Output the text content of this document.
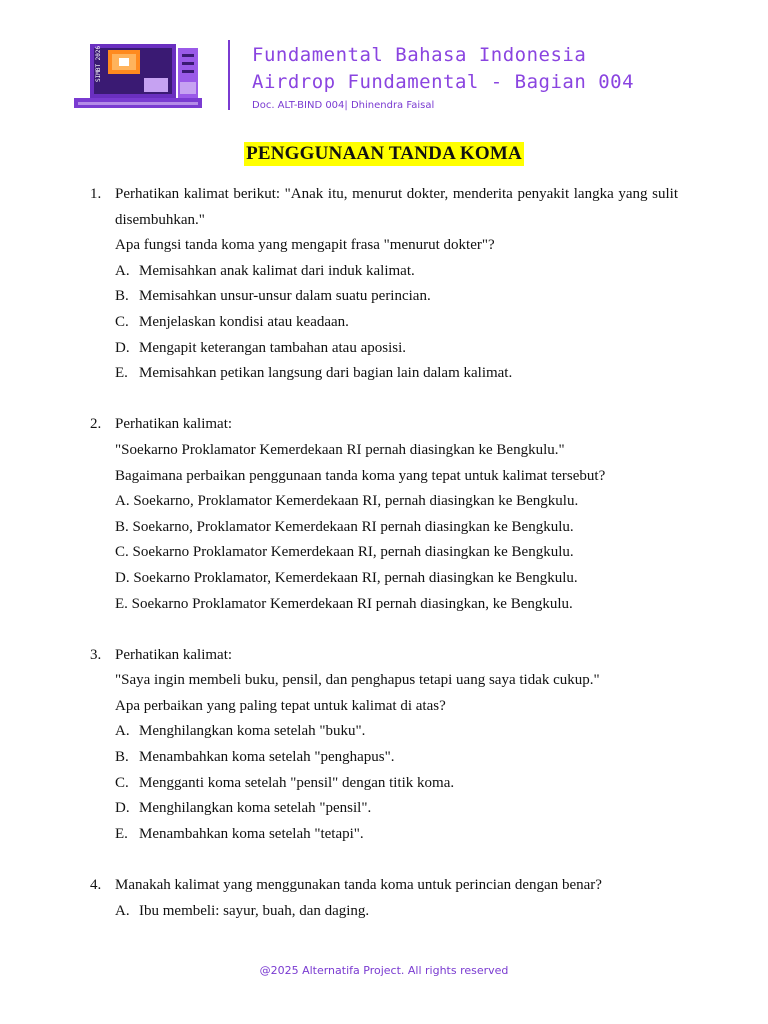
SIMBT 2026	Fundamental Bahasa Indonesia
Airdrop Fundamental - Bagian 004
Doc. ALT-BIND 004| Dhinendra Faisal
PENGGUNAAN TANDA KOMA
1. Perhatikan kalimat berikut: "Anak itu, menurut dokter, menderita penyakit langka yang sulit disembuhkan."
Apa fungsi tanda koma yang mengapit frasa "menurut dokter"?
A. Memisahkan anak kalimat dari induk kalimat.
B. Memisahkan unsur-unsur dalam suatu perincian.
C. Menjelaskan kondisi atau keadaan.
D. Mengapit keterangan tambahan atau aposisi.
E. Memisahkan petikan langsung dari bagian lain dalam kalimat.
2. Perhatikan kalimat:
"Soekarno Proklamator Kemerdekaan RI pernah diasingkan ke Bengkulu."
Bagaimana perbaikan penggunaan tanda koma yang tepat untuk kalimat tersebut?
A. Soekarno, Proklamator Kemerdekaan RI, pernah diasingkan ke Bengkulu.
B. Soekarno, Proklamator Kemerdekaan RI pernah diasingkan ke Bengkulu.
C. Soekarno Proklamator Kemerdekaan RI, pernah diasingkan ke Bengkulu.
D. Soekarno Proklamator, Kemerdekaan RI, pernah diasingkan ke Bengkulu.
E. Soekarno Proklamator Kemerdekaan RI pernah diasingkan, ke Bengkulu.
3. Perhatikan kalimat:
"Saya ingin membeli buku, pensil, dan penghapus tetapi uang saya tidak cukup."
Apa perbaikan yang paling tepat untuk kalimat di atas?
A. Menghilangkan koma setelah "buku".
B. Menambahkan koma setelah "penghapus".
C. Mengganti koma setelah "pensil" dengan titik koma.
D. Menghilangkan koma setelah "pensil".
E. Menambahkan koma setelah "tetapi".
4. Manakah kalimat yang menggunakan tanda koma untuk perincian dengan benar?
A. Ibu membeli: sayur, buah, dan daging.
@2025 Alternatifa Project. All rights reserved
